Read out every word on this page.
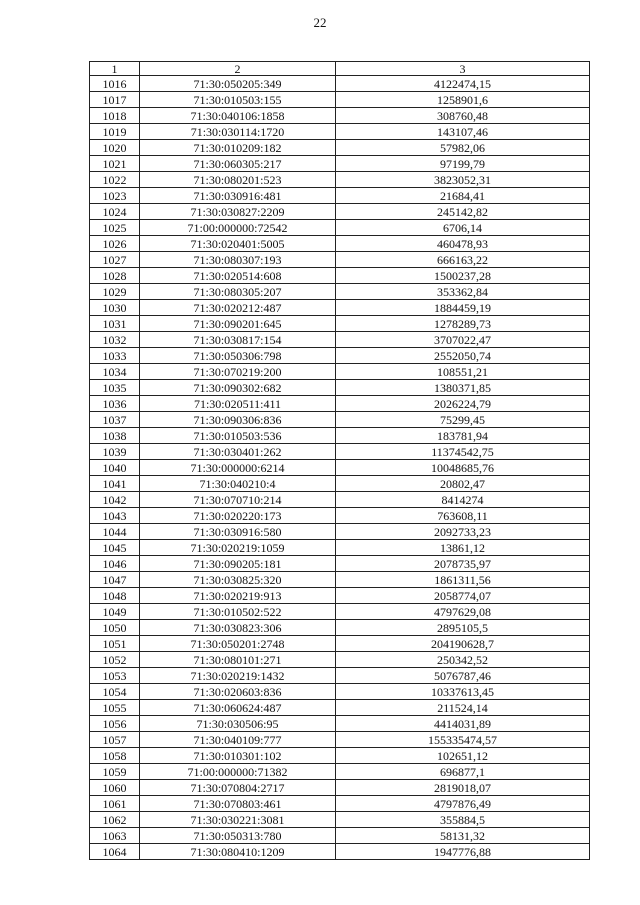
22
1	2	3
1016	71:30:050205:349	4122474,15
1017	71:30:010503:155	1258901,6
1018	71:30:040106:1858	308760,48
1019	71:30:030114:1720	143107,46
1020	71:30:010209:182	57982,06
1021	71:30:060305:217	97199,79
1022	71:30:080201:523	3823052,31
1023	71:30:030916:481	21684,41
1024	71:30:030827:2209	245142,82
1025	71:00:000000:72542	6706,14
1026	71:30:020401:5005	460478,93
1027	71:30:080307:193	666163,22
1028	71:30:020514:608	1500237,28
1029	71:30:080305:207	353362,84
1030	71:30:020212:487	1884459,19
1031	71:30:090201:645	1278289,73
1032	71:30:030817:154	3707022,47
1033	71:30:050306:798	2552050,74
1034	71:30:070219:200	108551,21
1035	71:30:090302:682	1380371,85
1036	71:30:020511:411	2026224,79
1037	71:30:090306:836	75299,45
1038	71:30:010503:536	183781,94
1039	71:30:030401:262	11374542,75
1040	71:30:000000:6214	10048685,76
1041	71:30:040210:4	20802,47
1042	71:30:070710:214	8414274
1043	71:30:020220:173	763608,11
1044	71:30:030916:580	2092733,23
1045	71:30:020219:1059	13861,12
1046	71:30:090205:181	2078735,97
1047	71:30:030825:320	1861311,56
1048	71:30:020219:913	2058774,07
1049	71:30:010502:522	4797629,08
1050	71:30:030823:306	2895105,5
1051	71:30:050201:2748	204190628,7
1052	71:30:080101:271	250342,52
1053	71:30:020219:1432	5076787,46
1054	71:30:020603:836	10337613,45
1055	71:30:060624:487	211524,14
1056	71:30:030506:95	4414031,89
1057	71:30:040109:777	155335474,57
1058	71:30:010301:102	102651,12
1059	71:00:000000:71382	696877,1
1060	71:30:070804:2717	2819018,07
1061	71:30:070803:461	4797876,49
1062	71:30:030221:3081	355884,5
1063	71:30:050313:780	58131,32
1064	71:30:080410:1209	1947776,88
